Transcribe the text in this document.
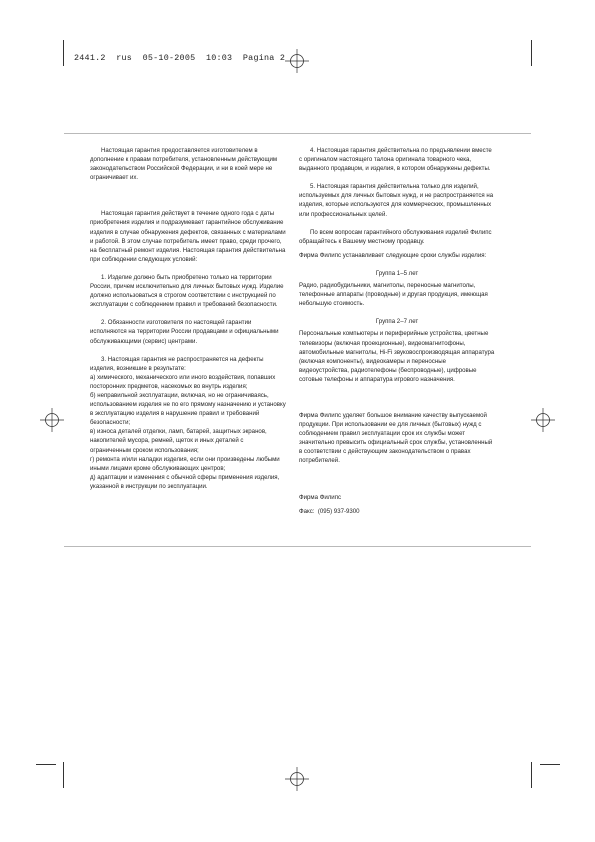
2441.2 rus 05-10-2005 10:03 Pagina 2

Настоящая гарантия предоставляется изготовителем в дополнение к правам потребителя, установленным действующим законодательством Российской Федерации, и ни в коей мере не ограничивает их.

Настоящая гарантия действует в течение одного года с даты приобретения изделия и подразумевает гарантийное обслуживание изделия в случае обнаружения дефектов, связанных с материалами и работой. В этом случае потребитель имеет право, среди прочего, на бесплатный ремонт изделия. Настоящая гарантия действительна при соблюдении следующих условий:

1. Изделие должно быть приобретено только на территории России, причем исключительно для личных бытовых нужд. Изделие должно использоваться в строгом соответствии с инструкцией по эксплуатации с соблюдением правил и требований безопасности.

2. Обязанности изготовителя по настоящей гарантии исполняются на территории России продавцами и официальными обслуживающими (сервис) центрами.

3. Настоящая гарантия не распространяется на дефекты изделия, возникшие в результате:
а) химического, механического или иного воздействия, попавших посторонних предметов, насекомых во внутрь изделия;
б) неправильной эксплуатации, включая, но не ограничиваясь, использованием изделия не по его прямому назначению и установку в эксплуатацию изделия в нарушение правил и требований безопасности;
в) износа деталей отделки, ламп, батарей, защитных экранов, накопителей мусора, ремней, щеток и иных деталей с ограниченным сроком использования;
г) ремонта и/или наладки изделия, если они произведены любыми иными лицами кроме обслуживающих центров;
д) адаптации и изменения с обычной сферы применения изделия, указанной в инструкции по эксплуатации.

4. Настоящая гарантия действительна по предъявлении вместе с оригиналом настоящего талона оригинала товарного чека, выданного продавцом, и изделия, в котором обнаружены дефекты.

5. Настоящая гарантия действительна только для изделий, используемых для личных бытовых нужд, и не распространяется на изделия, которые используются для коммерческих, промышленных или профессиональных целей.

По всем вопросам гарантийного обслуживания изделий Филипс обращайтесь к Вашему местному продавцу.

Фирма Филипс устанавливает следующие сроки службы изделия:

Группа 1–5 лет

Радио, радиобудильники, магнитолы, переносные магнитолы, телефонные аппараты (проводные) и другая продукция, имеющая небольшую стоимость.

Группа 2–7 лет

Персональные компьютеры и периферийные устройства, цветные телевизоры (включая проекционные), видеомагнитофоны, автомобильные магнитолы, Hi-Fi звуковоспроизводящая аппаратура (включая компоненты), видеокамеры и переносные видеоустройства, радиотелефоны (беспроводные), цифровые сотовые телефоны и аппаратура игрового назначения.

Фирма Филипс уделяет большое внимание качеству выпускаемой продукции. При использовании ее для личных (бытовых) нужд с соблюдением правил эксплуатации срок их службы может значительно превысить официальный срок службы, установленный в соответствии с действующим законодательством о правах потребителей.

Фирма Филипс

Факс:  (095) 937-9300
